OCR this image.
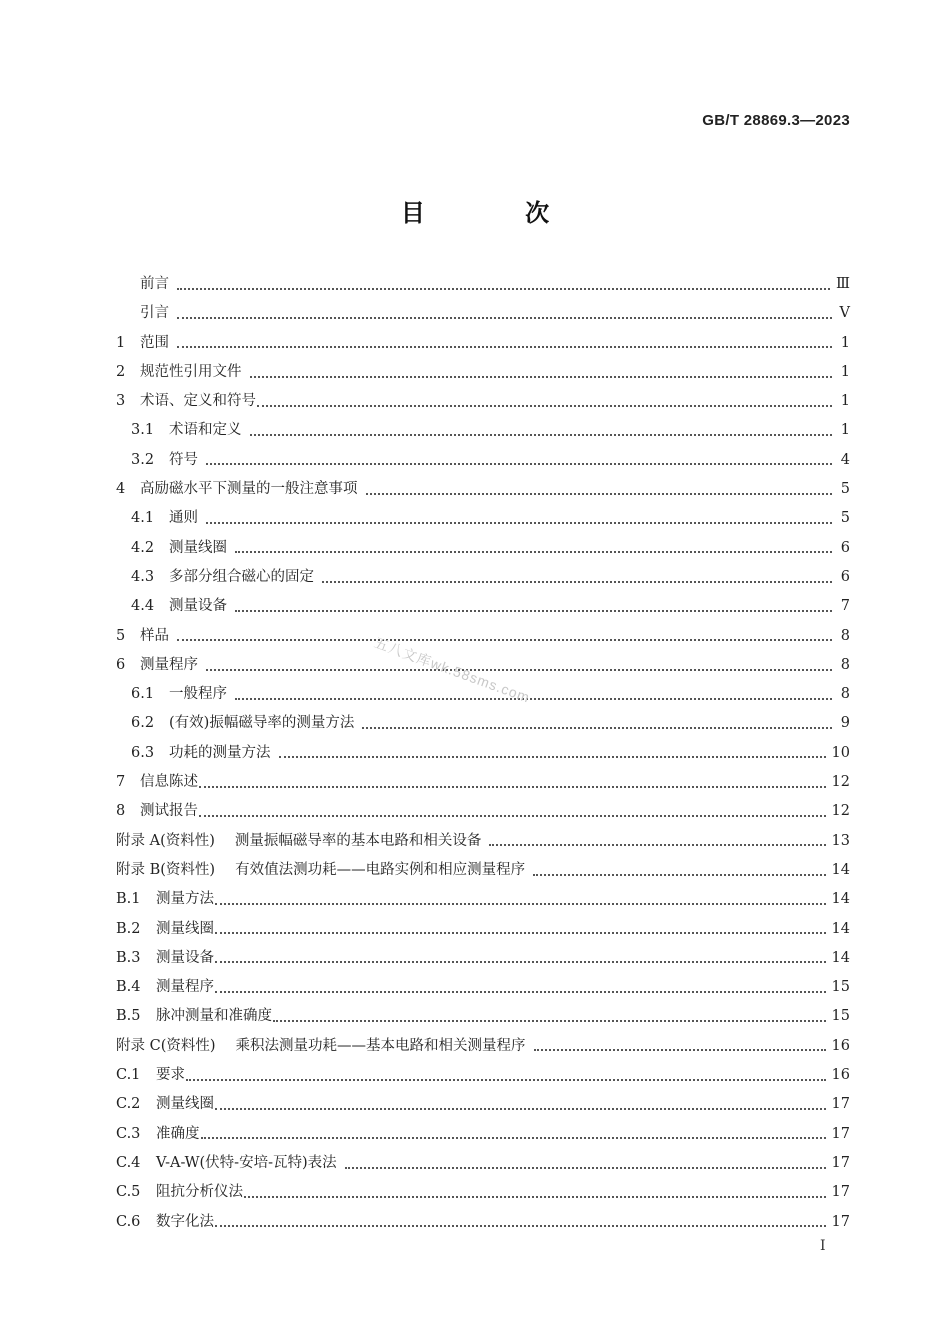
GB/T 28869.3—2023
目 次
前言	Ⅲ
引言	Ⅴ
1	范围	1
2	规范性引用文件	1
3	术语、定义和符号	1
3.1	术语和定义	1
3.2	符号	4
4	高励磁水平下测量的一般注意事项	5
4.1	通则	5
4.2	测量线圈	6
4.3	多部分组合磁心的固定	6
4.4	测量设备	7
5	样品	8
6	测量程序	8
6.1	一般程序	8
6.2	(有效)振幅磁导率的测量方法	9
6.3	功耗的测量方法	10
7	信息陈述	12
8	测试报告	12
附录 A(资料性) 测量振幅磁导率的基本电路和相关设备	13
附录 B(资料性) 有效值法测功耗——电路实例和相应测量程序	14
B.1	测量方法	14
B.2	测量线圈	14
B.3	测量设备	14
B.4	测量程序	15
B.5	脉冲测量和准确度	15
附录 C(资料性) 乘积法测量功耗——基本电路和相关测量程序	16
C.1	要求	16
C.2	测量线圈	17
C.3	准确度	17
C.4	V-A-W(伏特-安培-瓦特)表法	17
C.5	阻抗分析仪法	17
C.6	数字化法	17
五八文库wk.58sms.com
I
